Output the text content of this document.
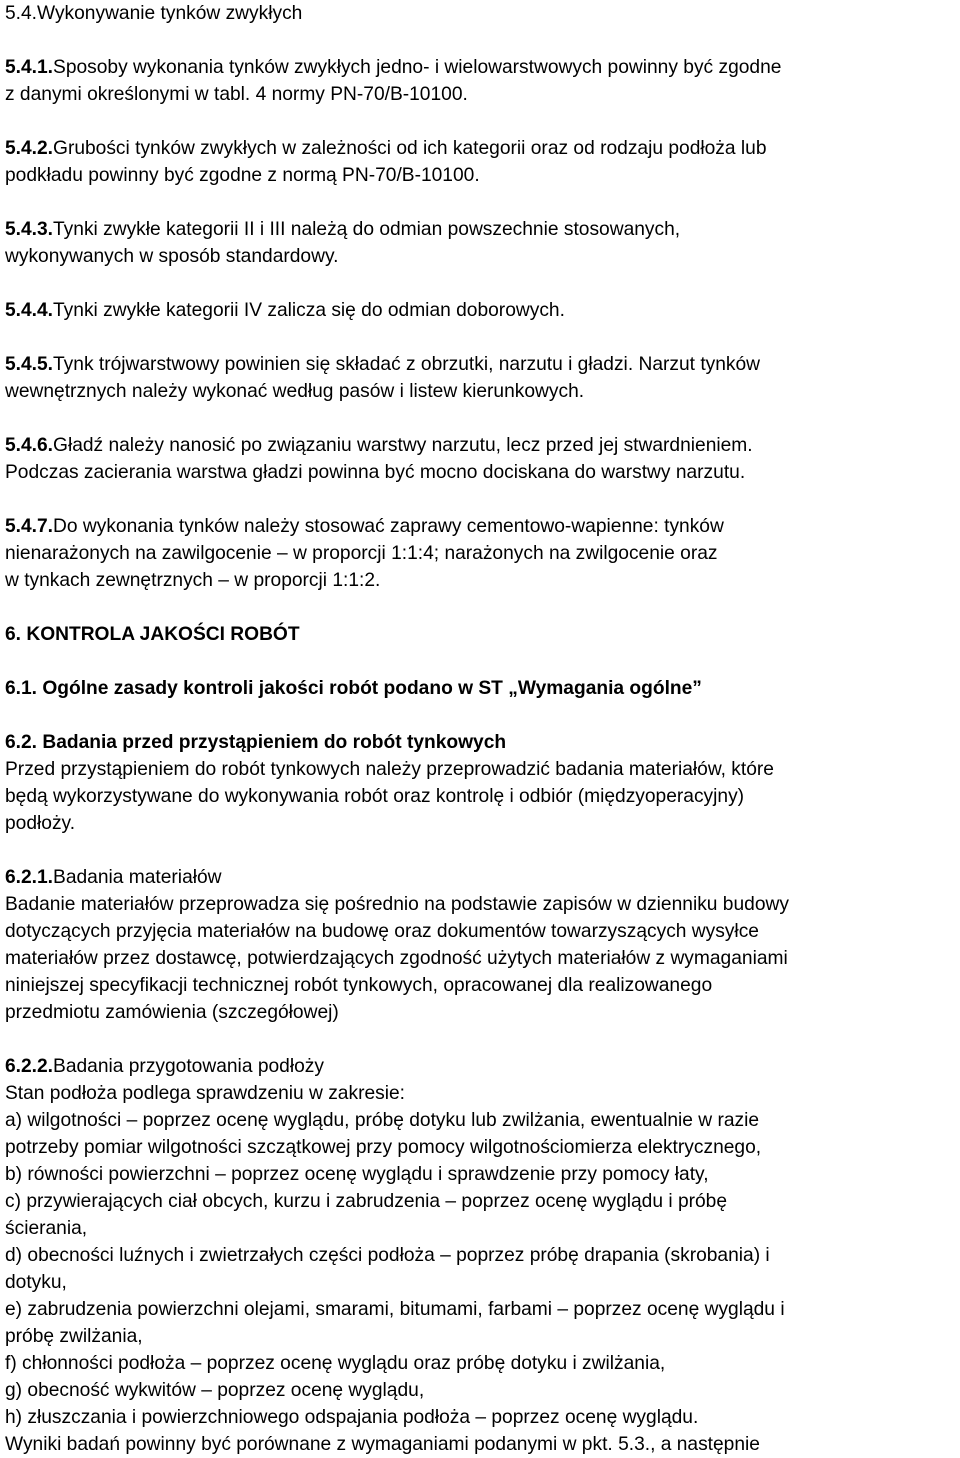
5.4.Wykonywanie tynków zwykłych
5.4.1.Sposoby wykonania tynków zwykłych jedno- i wielowarstwowych powinny być zgodne
z danymi określonymi w tabl. 4 normy PN-70/B-10100.
5.4.2.Grubości tynków zwykłych w zależności od ich kategorii oraz od rodzaju podłoża lub
podkładu powinny być zgodne z normą PN-70/B-10100.
5.4.3.Tynki zwykłe kategorii II i III należą do odmian powszechnie stosowanych,
wykonywanych w sposób standardowy.
5.4.4.Tynki zwykłe kategorii IV zalicza się do odmian doborowych.
5.4.5.Tynk trójwarstwowy powinien się składać z obrzutki, narzutu i gładzi. Narzut tynków
wewnętrznych należy wykonać według pasów i listew kierunkowych.
5.4.6.Gładź należy nanosić po związaniu warstwy narzutu, lecz przed jej stwardnieniem.
Podczas zacierania warstwa gładzi powinna być mocno dociskana do warstwy narzutu.
5.4.7.Do wykonania tynków należy stosować zaprawy cementowo-wapienne: tynków
nienarażonych na zawilgocenie – w proporcji 1:1:4; narażonych na zwilgocenie oraz
w tynkach zewnętrznych – w proporcji 1:1:2.
6. KONTROLA JAKOŚCI ROBÓT
6.1. Ogólne zasady kontroli jakości robót podano w ST „Wymagania ogólne”
6.2. Badania przed przystąpieniem do robót tynkowych
Przed przystąpieniem do robót tynkowych należy przeprowadzić badania materiałów, które
będą wykorzystywane do wykonywania robót oraz kontrolę i odbiór (międzyoperacyjny)
podłoży.
6.2.1.Badania materiałów
Badanie materiałów przeprowadza się pośrednio na podstawie zapisów w dzienniku budowy
dotyczących przyjęcia materiałów na budowę oraz dokumentów towarzyszących wysyłce
materiałów przez dostawcę, potwierdzających zgodność użytych materiałów z wymaganiami
niniejszej specyfikacji technicznej robót tynkowych, opracowanej dla realizowanego
przedmiotu zamówienia (szczegółowej)
6.2.2.Badania przygotowania podłoży
Stan podłoża podlega sprawdzeniu w zakresie:
a) wilgotności – poprzez ocenę wyglądu, próbę dotyku lub zwilżania, ewentualnie w razie
potrzeby pomiar wilgotności szczątkowej przy pomocy wilgotnościomierza elektrycznego,
b) równości powierzchni – poprzez ocenę wyglądu i sprawdzenie przy pomocy łaty,
c) przywierających ciał obcych, kurzu i zabrudzenia – poprzez ocenę wyglądu i próbę
ścierania,
d) obecności luźnych i zwietrzałych części podłoża – poprzez próbę drapania (skrobania) i
dotyku,
e) zabrudzenia powierzchni olejami, smarami, bitumami, farbami – poprzez ocenę wyglądu i
próbę zwilżania,
f) chłonności podłoża – poprzez ocenę wyglądu oraz próbę dotyku i zwilżania,
g) obecność wykwitów – poprzez ocenę wyglądu,
h) złuszczania i powierzchniowego odspajania podłoża – poprzez ocenę wyglądu.
Wyniki badań powinny być porównane z wymaganiami podanymi w pkt. 5.3., a następnie
